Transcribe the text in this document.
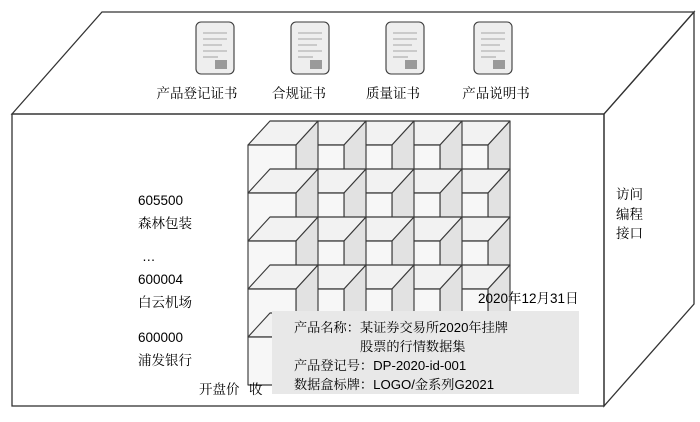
产品登记证书	合规证书	质量证书	产品说明书
605500
森林包装
…
600004
白云机场
600000
浦发银行
开盘价 收
2020年12月31日
访问
编程
接口
产品名称：某证券交易所2020年挂牌
股票的行情数据集
产品登记号：DP-2020-id-001
数据盒标牌：LOGO/金系列G2021
